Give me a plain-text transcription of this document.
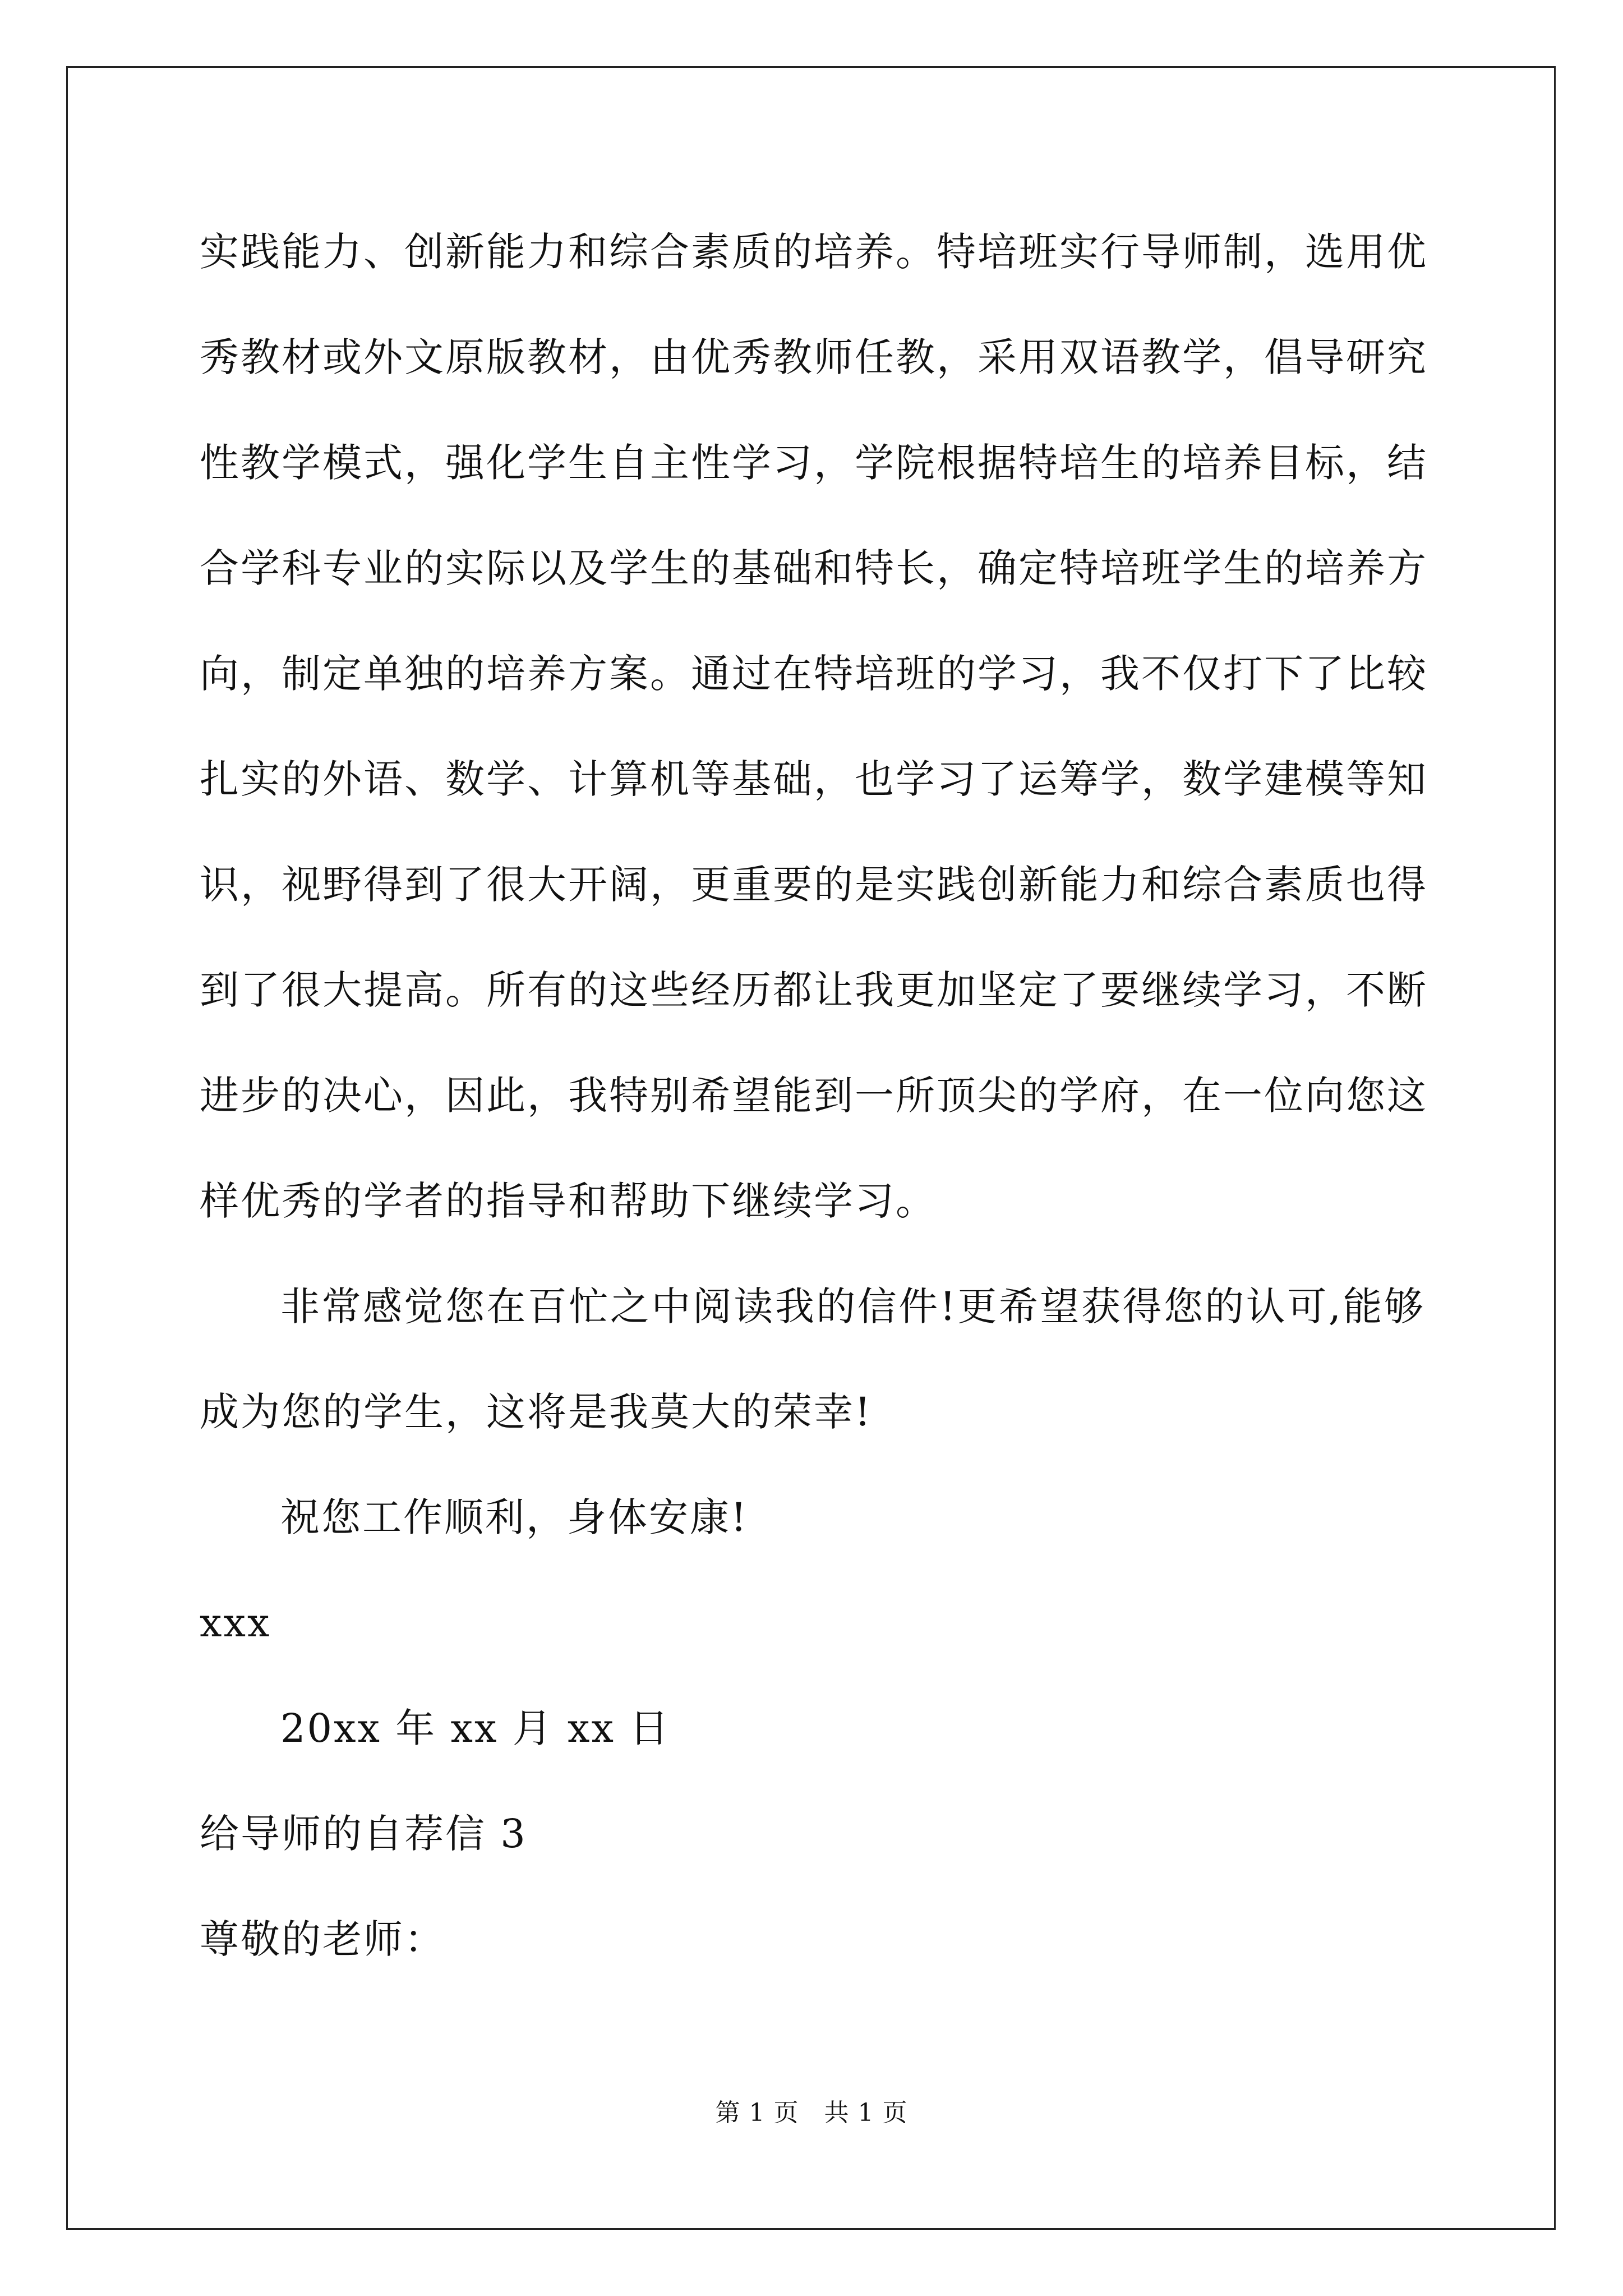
实践能力、创新能力和综合素质的培养。特培班实行导师制，选用优

秀教材或外文原版教材，由优秀教师任教，采用双语教学，倡导研究

性教学模式，强化学生自主性学习，学院根据特培生的培养目标，结

合学科专业的实际以及学生的基础和特长，确定特培班学生的培养方

向，制定单独的培养方案。通过在特培班的学习，我不仅打下了比较

扎实的外语、数学、计算机等基础，也学习了运筹学，数学建模等知

识，视野得到了很大开阔，更重要的是实践创新能力和综合素质也得

到了很大提高。所有的这些经历都让我更加坚定了要继续学习，不断

进步的决心，因此，我特别希望能到一所顶尖的学府，在一位向您这

样优秀的学者的指导和帮助下继续学习。

非常感觉您在百忙之中阅读我的信件!更希望获得您的认可,能够成为您的学生，这将是我莫大的荣幸!

祝您工作顺利，身体安康!

xxx

20xx 年 xx 月 xx 日

给导师的自荐信 3

尊敬的老师：

第 1 页　共 1 页
